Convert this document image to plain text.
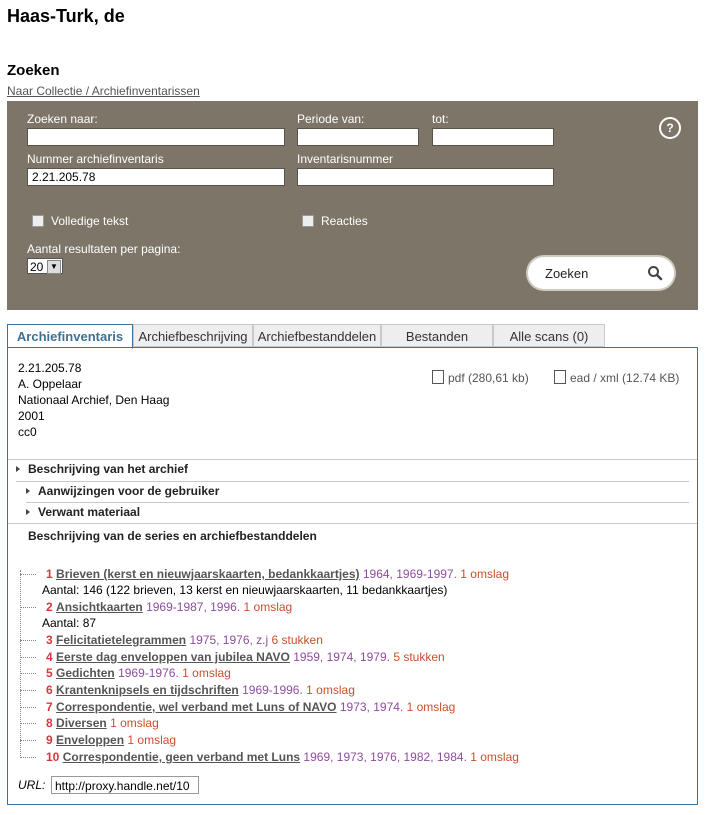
Haas-Turk, de
Zoeken
Naar Collectie / Archiefinventarissen
Zoeken naar:	Periode van:	tot:
?
Nummer archiefinventaris
2.21.205.78	Inventarisnummer
Volledige tekst	Reacties
Aantal resultaten per pagina:
20 ▼	Zoeken
Archiefinventaris	Archiefbeschrijving Archiefbestanddelen	Bestanden	Alle scans (0)
2.21.205.78
A. Oppelaar
Nationaal Archief, Den Haag
2001
cc0
pdf (280,61 kb)	ead / xml (12.74 KB)
Beschrijving van het archief
Aanwijzingen voor de gebruiker
Verwant materiaal
Beschrijving van de series en archiefbestanddelen
1 Brieven (kerst en nieuwjaarskaarten, bedankkaartjes) 1964, 1969-1997. 1 omslag
Aantal: 146 (122 brieven, 13 kerst en nieuwjaarskaarten, 11 bedankkaartjes)
2 Ansichtkaarten 1969-1987, 1996. 1 omslag
Aantal: 87
3 Felicitatietelegrammen 1975, 1976, z.j 6 stukken
4 Eerste dag enveloppen van jubilea NAVO 1959, 1974, 1979. 5 stukken
5 Gedichten 1969-1976. 1 omslag
6 Krantenknipsels en tijdschriften 1969-1996. 1 omslag
7 Correspondentie, wel verband met Luns of NAVO 1973, 1974. 1 omslag
8 Diversen 1 omslag
9 Enveloppen 1 omslag
10 Correspondentie, geen verband met Luns 1969, 1973, 1976, 1982, 1984. 1 omslag
URL: http://proxy.handle.net/10
